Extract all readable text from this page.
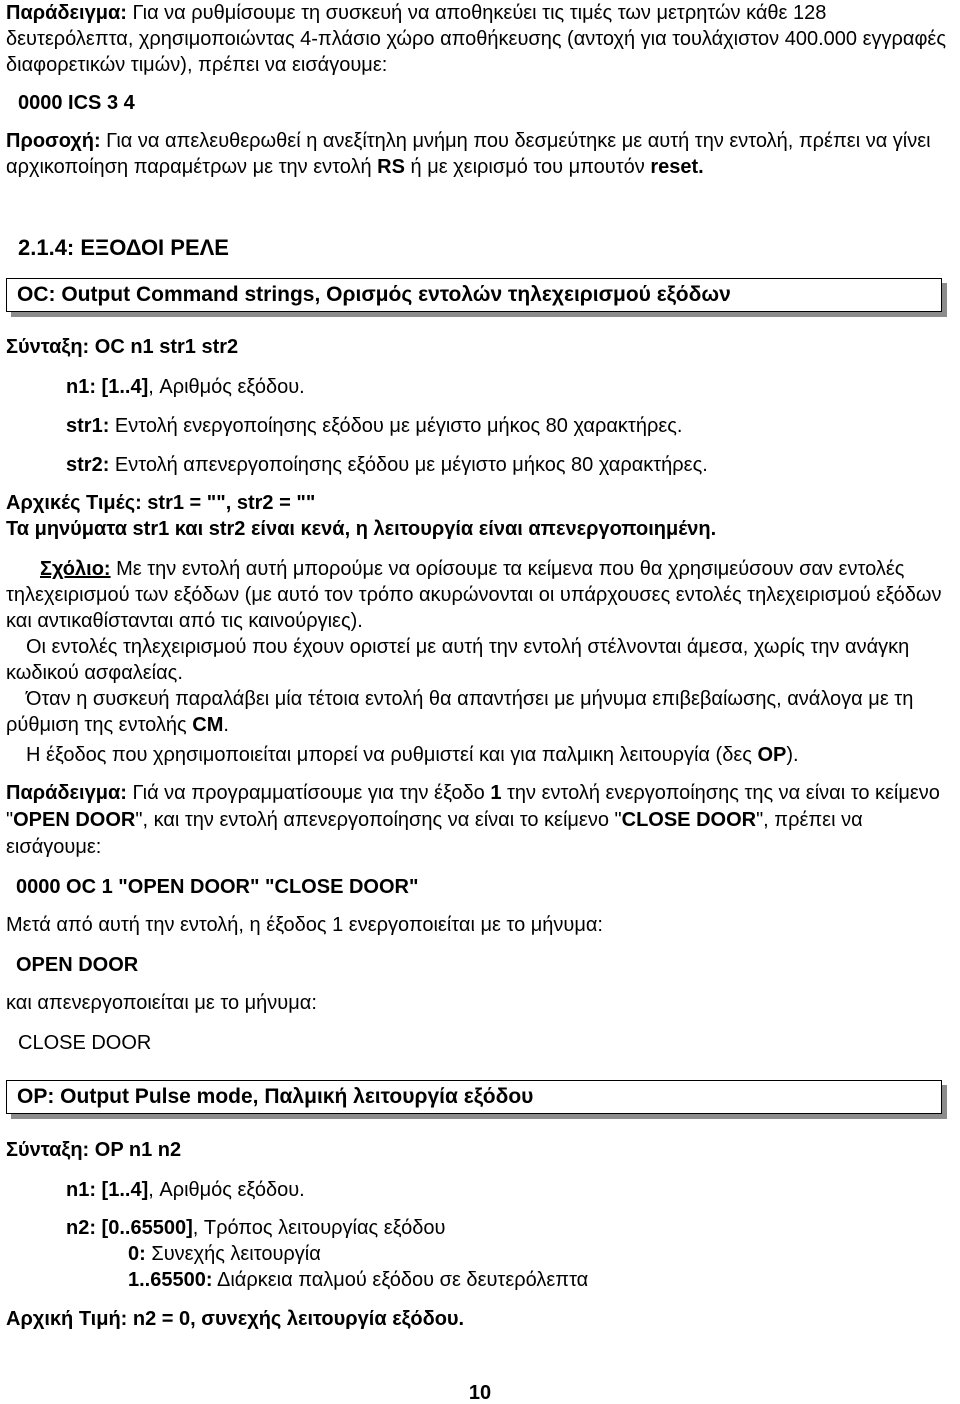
Παράδειγμα: Για να ρυθμίσουμε τη συσκευή να αποθηκεύει τις τιμές των μετρητών κάθε 128 δευτερόλεπτα, χρησιμοποιώντας 4-πλάσιο χώρο αποθήκευσης (αντοχή για τουλάχιστον 400.000 εγγραφές διαφορετικών τιμών), πρέπει να εισάγουμε:

0000 ICS 3 4

Προσοχή: Για να απελευθερωθεί η ανεξίτηλη μνήμη που δεσμεύτηκε με αυτή την εντολή, πρέπει να γίνει αρχικοποίηση παραμέτρων με την εντολή RS ή με χειρισμό του μπουτόν reset.

2.1.4: ΕΞΟΔΟΙ ΡΕΛΕ

OC: Output Command strings, Ορισμός εντολών τηλεχειρισμού εξόδων

Σύνταξη: OC n1 str1 str2

n1: [1..4], Αριθμός εξόδου.

str1: Εντολή ενεργοποίησης εξόδου με μέγιστο μήκος 80 χαρακτήρες.

str2: Εντολή απενεργοποίησης εξόδου με μέγιστο μήκος 80 χαρακτήρες.

Αρχικές Τιμές: str1 = "", str2 = ""

Τα μηνύματα str1 και str2 είναι κενά, η λειτουργία είναι απενεργοποιημένη.

Σχόλιο: Με την εντολή αυτή μπορούμε να ορίσουμε τα κείμενα που θα χρησιμεύσουν σαν εντολές τηλεχειρισμού των εξόδων (με αυτό τον τρόπο ακυρώνονται οι υπάρχουσες εντολές τηλεχειρισμού εξόδων και αντικαθίστανται από τις καινούργιες).

Οι εντολές τηλεχειρισμού που έχουν οριστεί με αυτή την εντολή στέλνονται άμεσα, χωρίς την ανάγκη κωδικού ασφαλείας.

Όταν η συσκευή παραλάβει μία τέτοια εντολή θα απαντήσει με μήνυμα επιβεβαίωσης, ανάλογα με τη ρύθμιση της εντολής CM.

Η έξοδος που χρησιμοποιείται μπορεί να ρυθμιστεί και για παλμικη λειτουργία (δες OP).

Παράδειγμα: Γιά να προγραμματίσουμε για την έξοδο 1 την εντολή ενεργοποίησης της να είναι το κείμενο "OPEN DOOR", και την εντολή απενεργοποίησης να είναι το κείμενο "CLOSE DOOR", πρέπει να εισάγουμε:

0000 OC 1 "OPEN DOOR" "CLOSE DOOR"

Μετά από αυτή την εντολή, η έξοδος 1 ενεργοποιείται με το μήνυμα:

OPEN DOOR

και απενεργοποιείται με το μήνυμα:

CLOSE DOOR

OP: Output Pulse mode, Παλμική λειτουργία εξόδου

Σύνταξη: OP n1 n2

n1: [1..4], Αριθμός εξόδου.

n2: [0..65500], Τρόπος λειτουργίας εξόδου

0: Συνεχής λειτουργία

1..65500: Διάρκεια παλμού εξόδου σε δευτερόλεπτα

Αρχική Τιμή: n2 = 0, συνεχής λειτουργία εξόδου.

10
